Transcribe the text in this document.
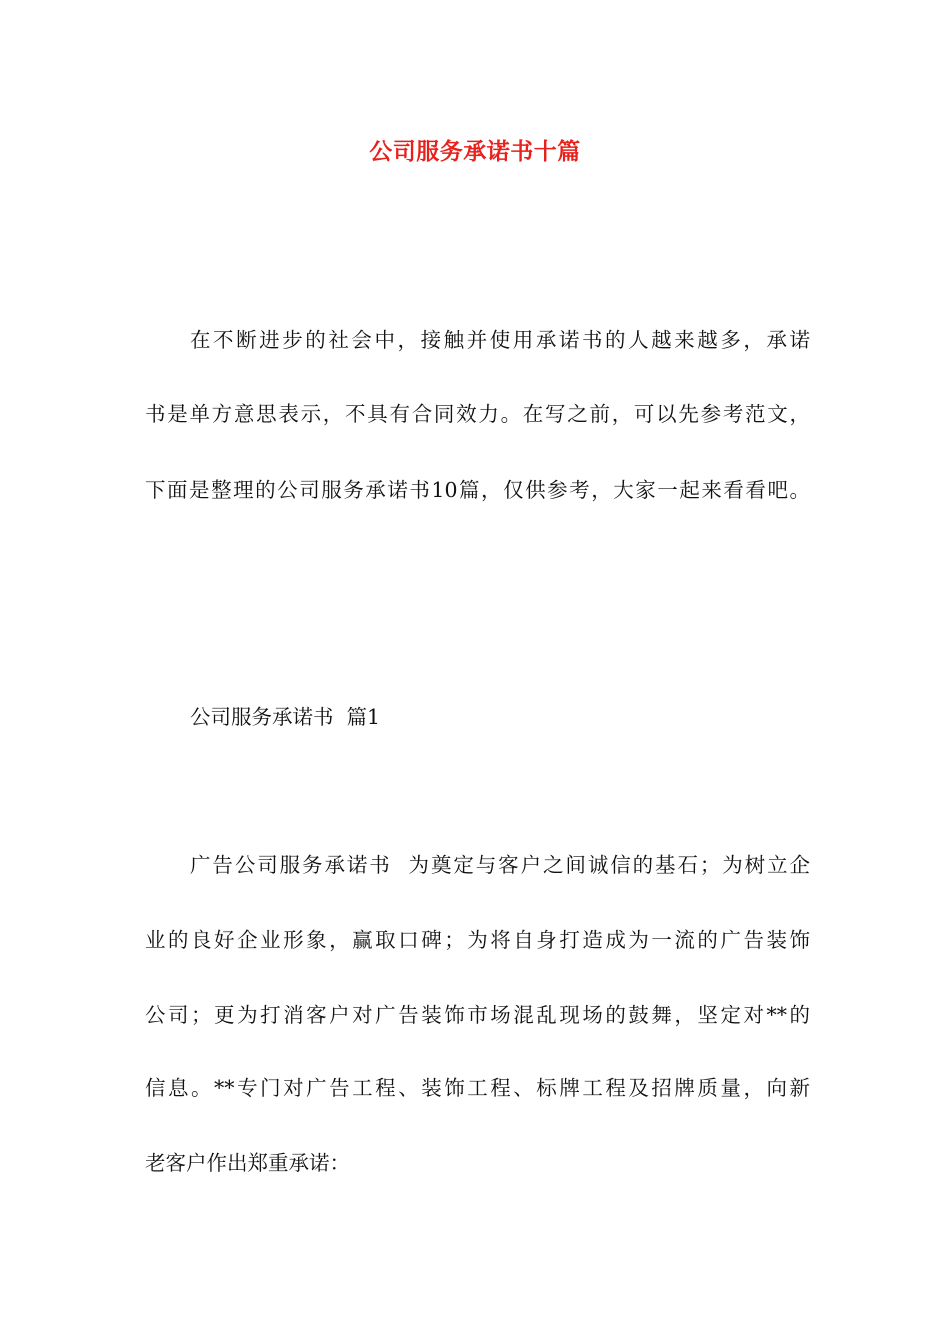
公司服务承诺书十篇
在不断进步的社会中，接触并使用承诺书的人越来越多，承诺
书是单方意思表示，不具有合同效力。在写之前，可以先参考范文，
下面是整理的公司服务承诺书10篇，仅供参考，大家一起来看看吧。
公司服务承诺书  篇1
广告公司服务承诺书  为奠定与客户之间诚信的基石；为树立企
业的良好企业形象，赢取口碑；为将自身打造成为一流的广告装饰
公司；更为打消客户对广告装饰市场混乱现场的鼓舞，坚定对**的
信息。**专门对广告工程、装饰工程、标牌工程及招牌质量，向新
老客户作出郑重承诺：
